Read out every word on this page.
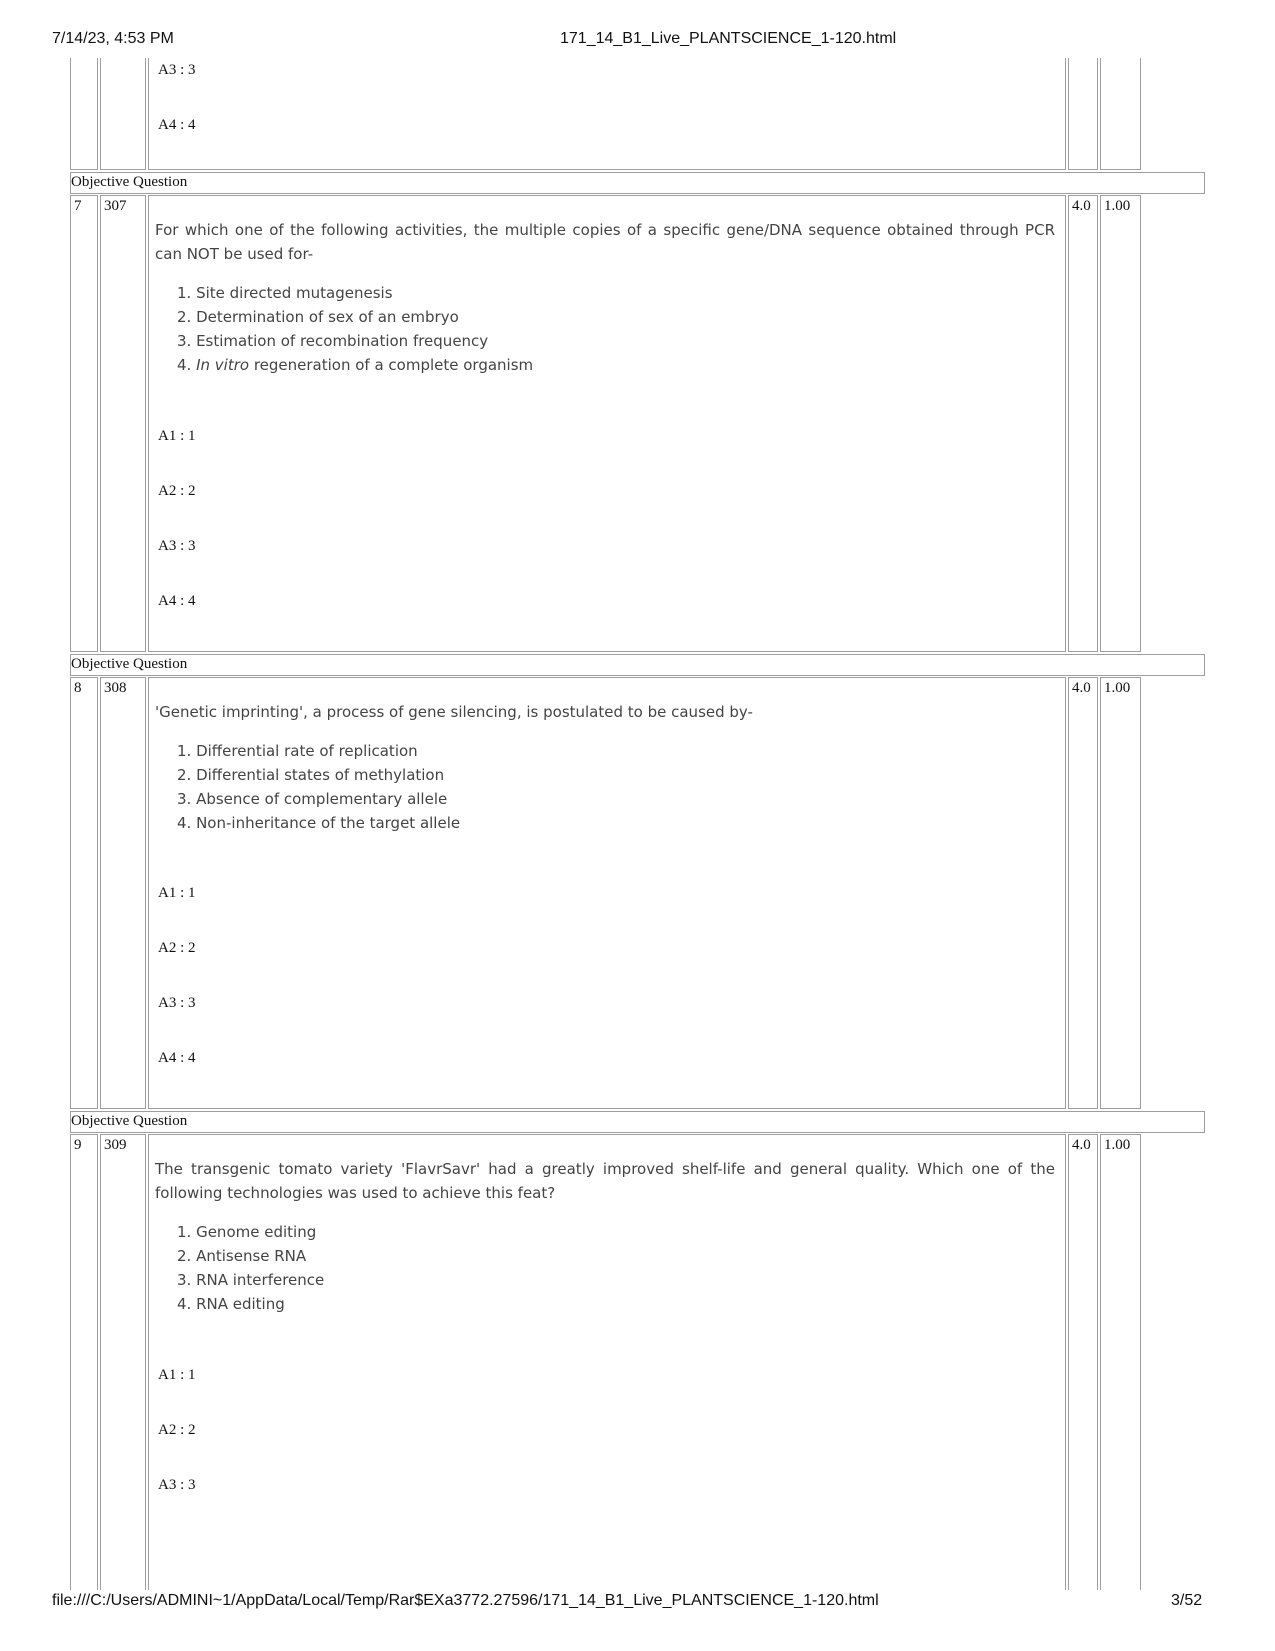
7/14/23, 4:53 PM	171_14_B1_Live_PLANTSCIENCE_1-120.html
A3 : 3
A4 : 4
Objective Question
7 307
For which one of the following activities, the multiple copies of a specific gene/DNA sequence obtained through PCR can NOT be used for-
1. Site directed mutagenesis
2. Determination of sex of an embryo
3. Estimation of recombination frequency
4. In vitro regeneration of a complete organism
A1 : 1
A2 : 2
A3 : 3
A4 : 4
4.0 1.00
Objective Question
8 308
'Genetic imprinting', a process of gene silencing, is postulated to be caused by-
1. Differential rate of replication
2. Differential states of methylation
3. Absence of complementary allele
4. Non-inheritance of the target allele
A1 : 1
A2 : 2
A3 : 3
A4 : 4
4.0 1.00
Objective Question
9 309
The transgenic tomato variety 'FlavrSavr' had a greatly improved shelf-life and general quality. Which one of the following technologies was used to achieve this feat?
1. Genome editing
2. Antisense RNA
3. RNA interference
4. RNA editing
A1 : 1
A2 : 2
A3 : 3
4.0 1.00
file:///C:/Users/ADMINI~1/AppData/Local/Temp/Rar$EXa3772.27596/171_14_B1_Live_PLANTSCIENCE_1-120.html	3/52
